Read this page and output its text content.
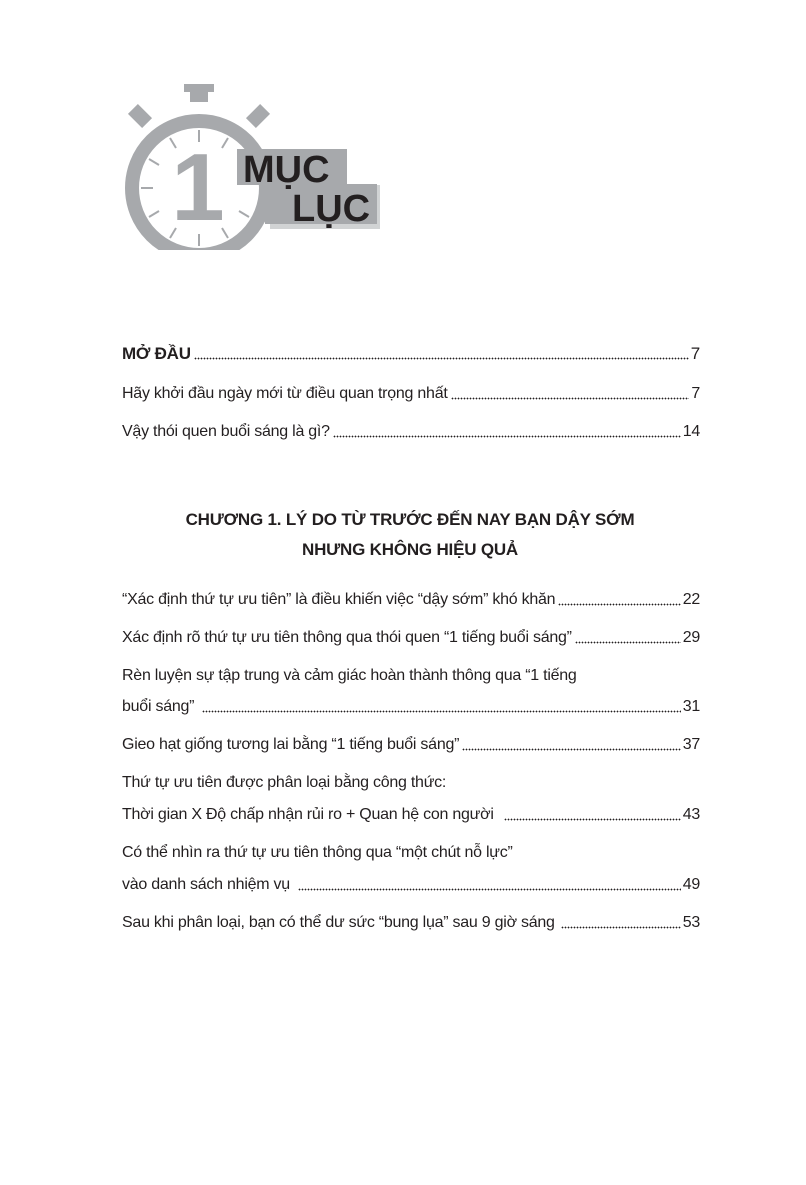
1 MỤC
LỤC
MỞ ĐẦU	7
Hãy khởi đầu ngày mới từ điều quan trọng nhất	7
Vậy thói quen buổi sáng là gì?	14
CHƯƠNG 1. LÝ DO TỪ TRƯỚC ĐẾN NAY BẠN DẬY SỚM
NHƯNG KHÔNG HIỆU QUẢ
“Xác định thứ tự ưu tiên” là điều khiến việc “dậy sớm” khó khăn	22
Xác định rõ thứ tự ưu tiên thông qua thói quen “1 tiếng buổi sáng”	29
Rèn luyện sự tập trung và cảm giác hoàn thành thông qua “1 tiếng
buổi sáng”	31
Gieo hạt giống tương lai bằng “1 tiếng buổi sáng”	37
Thứ tự ưu tiên được phân loại bằng công thức:
Thời gian X Độ chấp nhận rủi ro + Quan hệ con người	43
Có thể nhìn ra thứ tự ưu tiên thông qua “một chút nỗ lực”
vào danh sách nhiệm vụ	49
Sau khi phân loại, bạn có thể dư sức “bung lụa” sau 9 giờ sáng	53
